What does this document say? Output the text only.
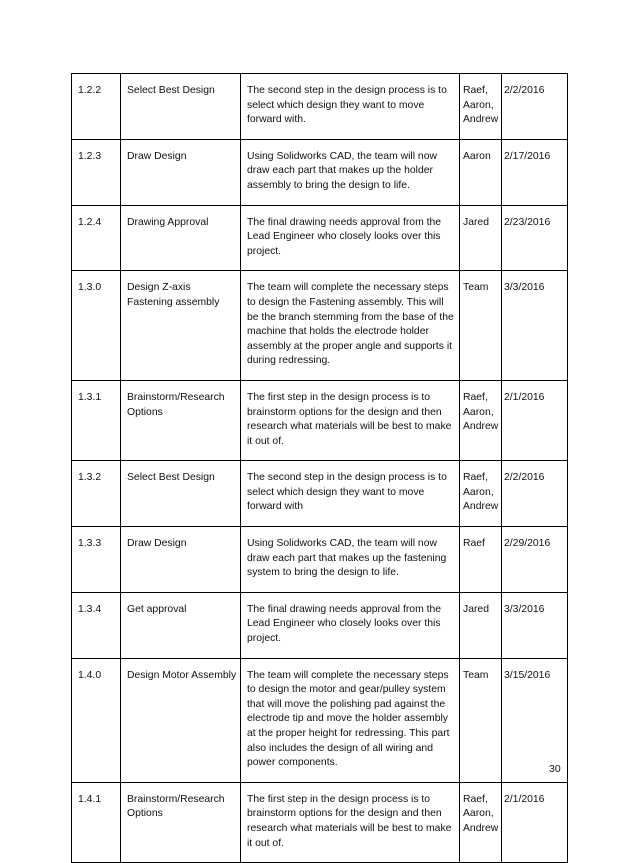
1.2.2	Select Best Design	The second step in the design process is to select which design they want to move forward with.	Raef, Aaron, Andrew	2/2/2016
1.2.3	Draw Design	Using Solidworks CAD, the team will now draw each part that makes up the holder assembly to bring the design to life.	Aaron	2/17/2016
1.2.4	Drawing Approval	The final drawing needs approval from the Lead Engineer who closely looks over this project.	Jared	2/23/2016
1.3.0	Design Z-axis Fastening assembly	The team will complete the necessary steps to design the Fastening assembly. This will be the branch stemming from the base of the machine that holds the electrode holder assembly at the proper angle and supports it during redressing.	Team	3/3/2016
1.3.1	Brainstorm/Research Options	The first step in the design process is to brainstorm options for the design and then research what materials will be best to make it out of.	Raef, Aaron, Andrew	2/1/2016
1.3.2	Select Best Design	The second step in the design process is to select which design they want to move forward with	Raef, Aaron, Andrew	2/2/2016
1.3.3	Draw Design	Using Solidworks CAD, the team will now draw each part that makes up the fastening system to bring the design to life.	Raef	2/29/2016
1.3.4	Get approval	The final drawing needs approval from the Lead Engineer who closely looks over this project.	Jared	3/3/2016
1.4.0	Design Motor Assembly	The team will complete the necessary steps to design the motor and gear/pulley system that will move the polishing pad against the electrode tip and move the holder assembly at the proper height for redressing. This part also includes the design of all wiring and power components.	Team	3/15/2016
1.4.1	Brainstorm/Research Options	The first step in the design process is to brainstorm options for the design and then research what materials will be best to make it out of.	Raef, Aaron, Andrew	2/1/2016
30
